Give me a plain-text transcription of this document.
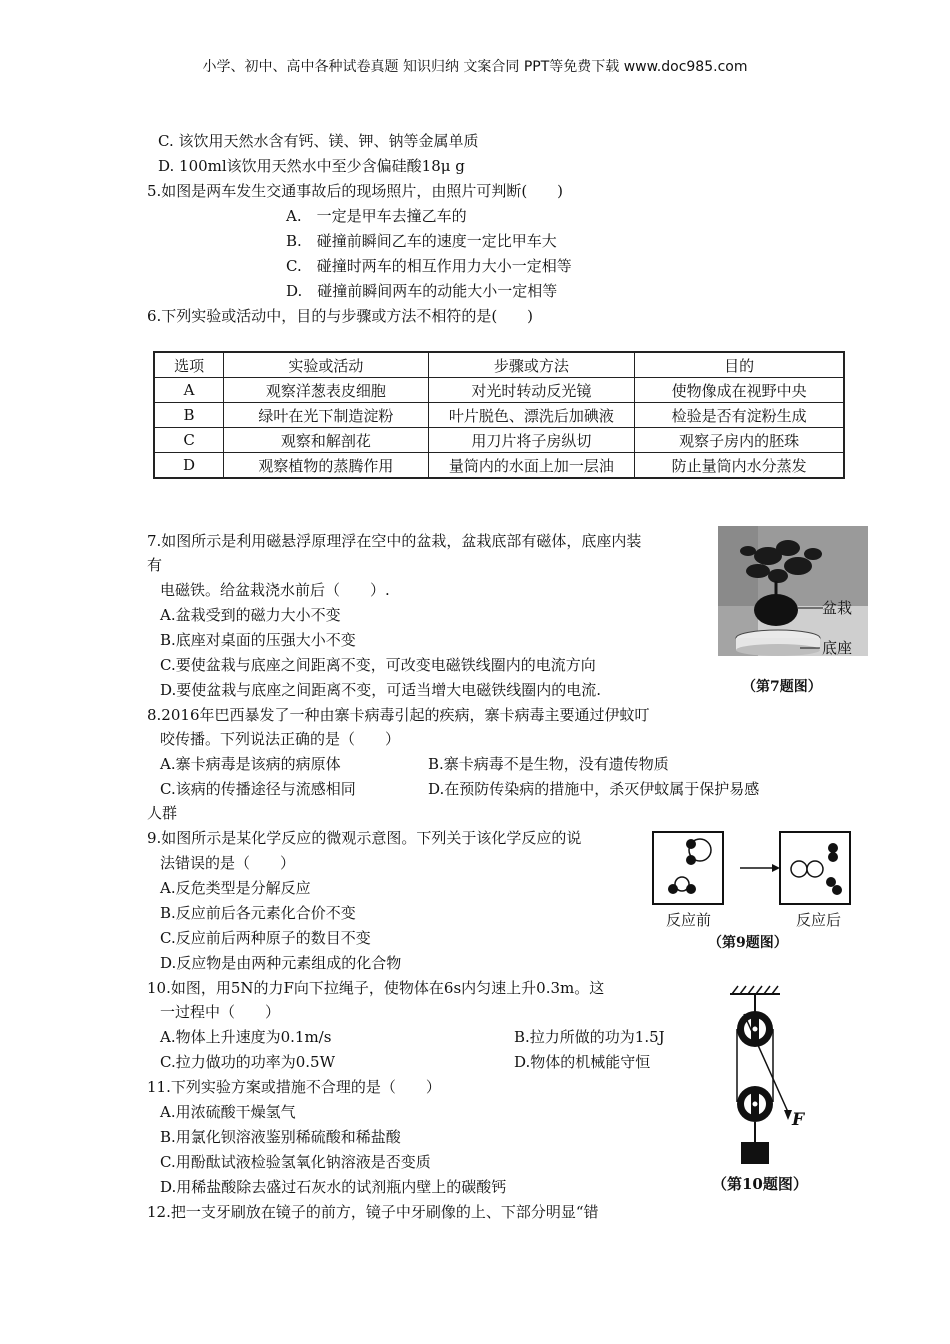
小学、初中、高中各种试卷真题 知识归纳 文案合同 PPT等免费下载 www.doc985.com
C. 该饮用天然水含有钙、镁、钾、钠等金属单质
D. 100ml该饮用天然水中至少含偏硅酸18μ g
5.如图是两车发生交通事故后的现场照片，由照片可判断(　　)
A.　一定是甲车去撞乙车的
B.　碰撞前瞬间乙车的速度一定比甲车大
C.　碰撞时两车的相互作用力大小一定相等
D.　碰撞前瞬间两车的动能大小一定相等
6.下列实验或活动中，目的与步骤或方法不相符的是(　　)
选项	实验或活动	步骤或方法	目的
A	观察洋葱表皮细胞	对光时转动反光镜	使物像成在视野中央
B	绿叶在光下制造淀粉	叶片脱色、漂洗后加碘液	检验是否有淀粉生成
C	观察和解剖花	用刀片将子房纵切	观察子房内的胚珠
D	观察植物的蒸腾作用	量筒内的水面上加一层油	防止量筒内水分蒸发
7.如图所示是利用磁悬浮原理浮在空中的盆栽，盆栽底部有磁体，底座内装
有
电磁铁。给盆栽浇水前后（　　）.
A.盆栽受到的磁力大小不变
B.底座对桌面的压强大小不变
C.要使盆栽与底座之间距离不变，可改变电磁铁线圈内的电流方向
D.要使盆栽与底座之间距离不变，可适当增大电磁铁线圈内的电流.
盆栽
底座
（第7题图）
8.2016年巴西暴发了一种由寨卡病毒引起的疾病，寨卡病毒主要通过伊蚊叮
咬传播。下列说法正确的是（　　）
A.寨卡病毒是该病的病原体	B.寨卡病毒不是生物，没有遗传物质
C.该病的传播途径与流感相同	D.在预防传染病的措施中，杀灭伊蚊属于保护易感
人群
9.如图所示是某化学反应的微观示意图。下列关于该化学反应的说
法错误的是（　　）
A.反危类型是分解反应
B.反应前后各元素化合价不变
C.反应前后两种原子的数目不变
D.反应物是由两种元素组成的化合物
反应前	反应后
（第9题图）
10.如图，用5N的力F向下拉绳子，使物体在6s内匀速上升0.3m。这
一过程中（　　）
A.物体上升速度为0.1m/s	B.拉力所做的功为1.5J
C.拉力做功的功率为0.5W	D.物体的机械能守恒
F
（第10题图）
11.下列实验方案或措施不合理的是（　　）
A.用浓硫酸干燥氢气
B.用氯化钡溶液鉴别稀硫酸和稀盐酸
C.用酚酞试液检验氢氧化钠溶液是否变质
D.用稀盐酸除去盛过石灰水的试剂瓶内壁上的碳酸钙
12.把一支牙刷放在镜子的前方，镜子中牙刷像的上、下部分明显“错
